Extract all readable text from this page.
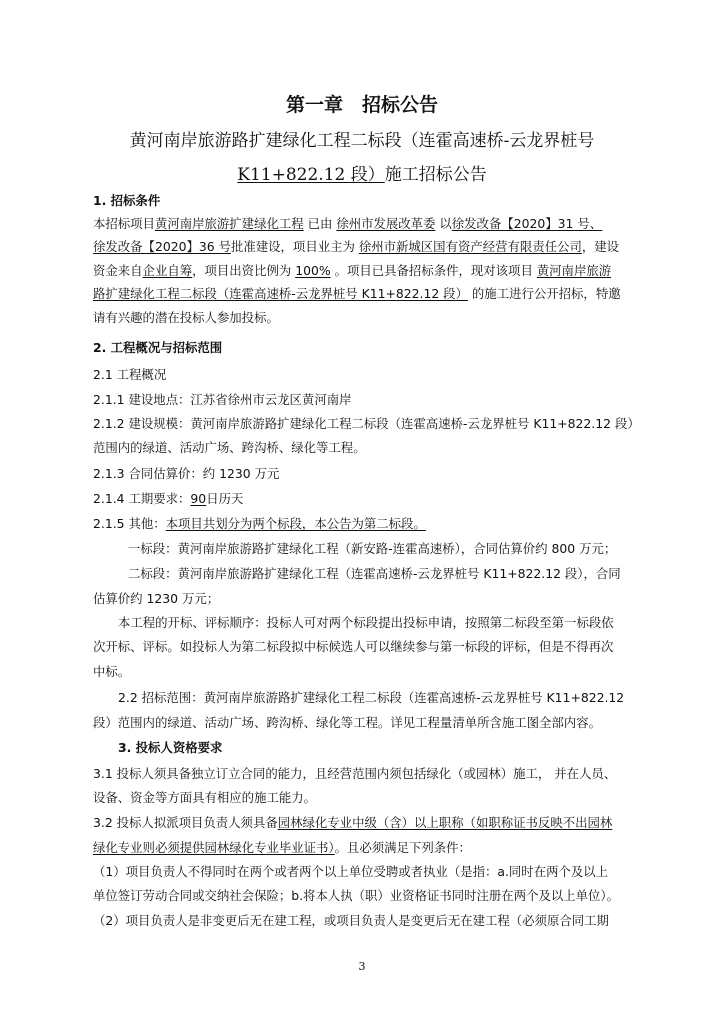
第一章　招标公告
黄河南岸旅游路扩建绿化工程二标段（连霍高速桥-云龙界桩号
K11+822.12 段）施工招标公告
1. 招标条件
本招标项目黄河南岸旅游扩建绿化工程 已由 徐州市发展改革委 以徐发改备【2020】31 号、
徐发改备【2020】36 号批准建设，项目业主为 徐州市新城区国有资产经营有限责任公司，建设
资金来自企业自筹，项目出资比例为 100% 。项目已具备招标条件，现对该项目 黄河南岸旅游
路扩建绿化工程二标段（连霍高速桥-云龙界桩号 K11+822.12 段） 的施工进行公开招标，特邀
请有兴趣的潜在投标人参加投标。
2. 工程概况与招标范围
2.1 工程概况
2.1.1 建设地点：江苏省徐州市云龙区黄河南岸
2.1.2 建设规模：黄河南岸旅游路扩建绿化工程二标段（连霍高速桥-云龙界桩号 K11+822.12 段）
范围内的绿道、活动广场、跨沟桥、绿化等工程。
2.1.3 合同估算价：约 1230 万元
2.1.4 工期要求：90日历天
2.1.5 其他：本项目共划分为两个标段，本公告为第二标段。
一标段：黄河南岸旅游路扩建绿化工程（新安路-连霍高速桥），合同估算价约 800 万元；
二标段：黄河南岸旅游路扩建绿化工程（连霍高速桥-云龙界桩号 K11+822.12 段），合同
估算价约 1230 万元；
本工程的开标、评标顺序：投标人可对两个标段提出投标申请，按照第二标段至第一标段依
次开标、评标。如投标人为第二标段拟中标候选人可以继续参与第一标段的评标，但是不得再次
中标。
2.2 招标范围：黄河南岸旅游路扩建绿化工程二标段（连霍高速桥-云龙界桩号 K11+822.12
段）范围内的绿道、活动广场、跨沟桥、绿化等工程。详见工程量清单所含施工图全部内容。
3. 投标人资格要求
3.1 投标人须具备独立订立合同的能力，且经营范围内须包括绿化（或园林）施工， 并在人员、
设备、资金等方面具有相应的施工能力。
3.2 投标人拟派项目负责人须具备园林绿化专业中级（含）以上职称（如职称证书反映不出园林
绿化专业则必须提供园林绿化专业毕业证书）。且必须满足下列条件：
（1）项目负责人不得同时在两个或者两个以上单位受聘或者执业（是指：a.同时在两个及以上
单位签订劳动合同或交纳社会保险；b.将本人执（职）业资格证书同时注册在两个及以上单位）。
（2）项目负责人是非变更后无在建工程，或项目负责人是变更后无在建工程（必须原合同工期
3
